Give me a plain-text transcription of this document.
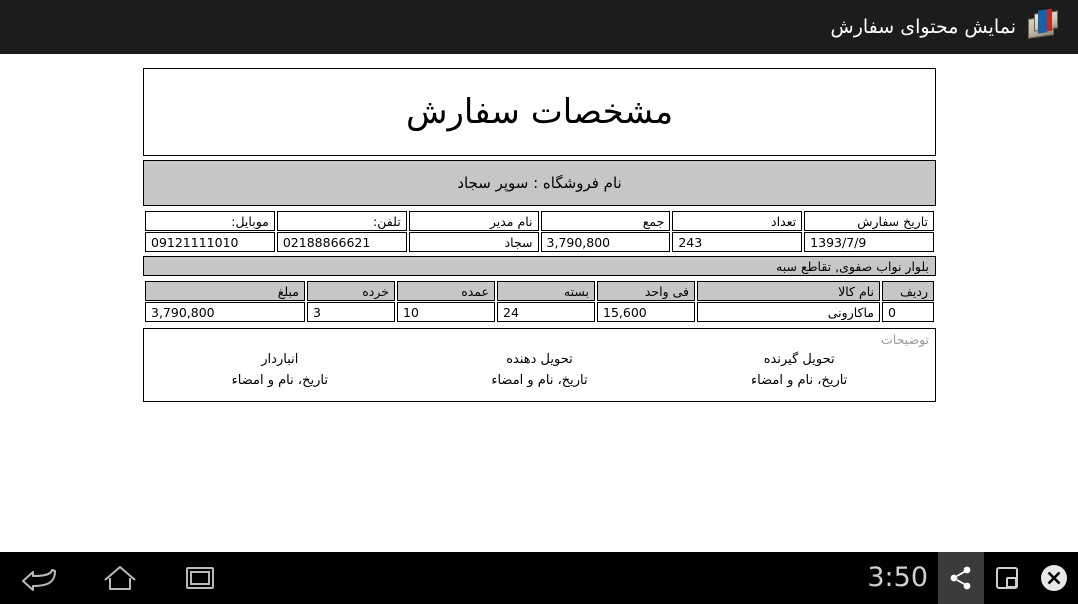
نمایش محتوای سفارش
مشخصات سفارش
نام فروشگاه : سوپر سجاد
تاریخ سفارش	تعداد	جمع	نام مدیر	تلفن:	موبایل:
1393/7/9	243	3,790,800	سجاد	02188866621	09121111010
بلوار نواب صفوی, تقاطع سبه
ردیف	نام کالا	فی واحد	بسته	عمده	خرده	مبلغ
0	ماکارونی	15,600	24	10	3	3,790,800
توضیحات
تحویل گیرنده
تاریخ، نام و امضاء
تحویل دهنده
تاریخ، نام و امضاء
انباردار
تاریخ، نام و امضاء
3:50
